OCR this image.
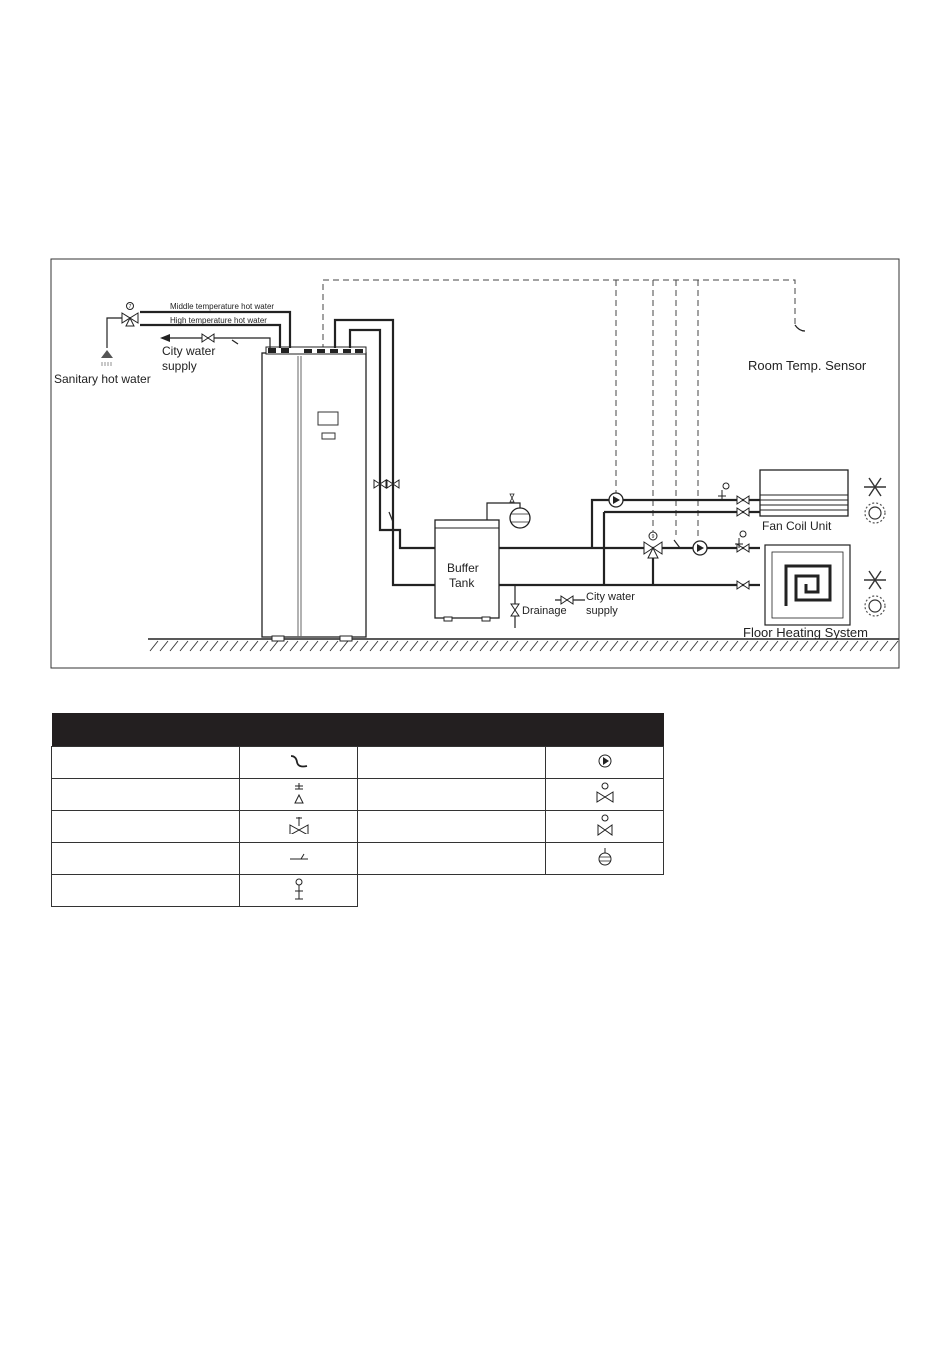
7
Buffer
Tank
Drainage
City water
supply
9
Fan Coil Unit
Floor Heating System
Room Temp. Sensor
Middle temperature hot water
High temperature hot water
City water
supply
Sanitary hot water
